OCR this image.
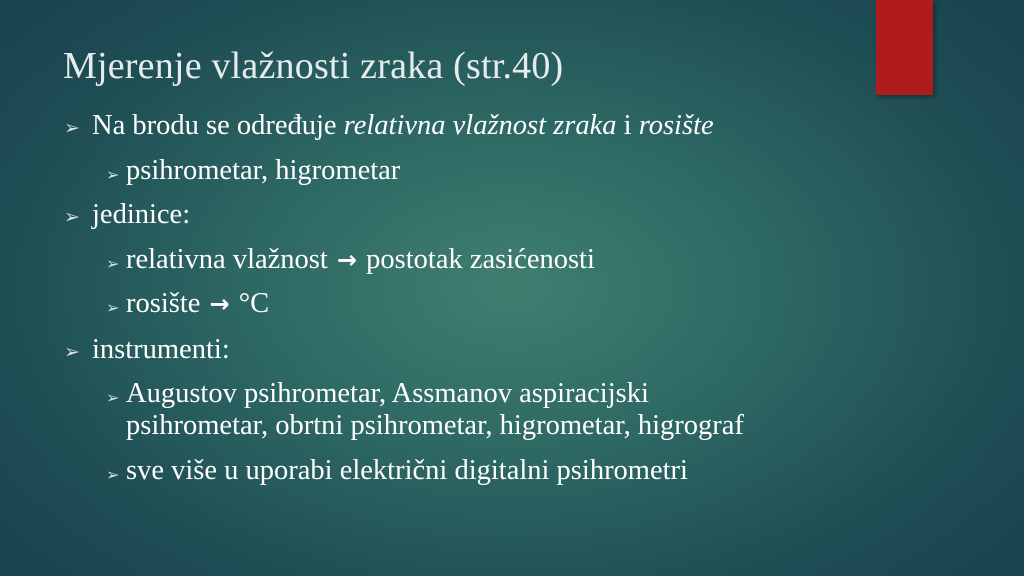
Mjerenje vlažnosti zraka (str.40)
➢ Na brodu se određuje relativna vlažnost zraka i rosište
➢ psihrometar, higrometar
➢ jedinice:
➢ relativna vlažnost → postotak zasićenosti
➢ rosište → °C
➢ instrumenti:
➢ Augustov psihrometar, Assmanov aspiracijski
psihrometar, obrtni psihrometar, higrometar, higrograf
➢ sve više u uporabi električni digitalni psihrometri
